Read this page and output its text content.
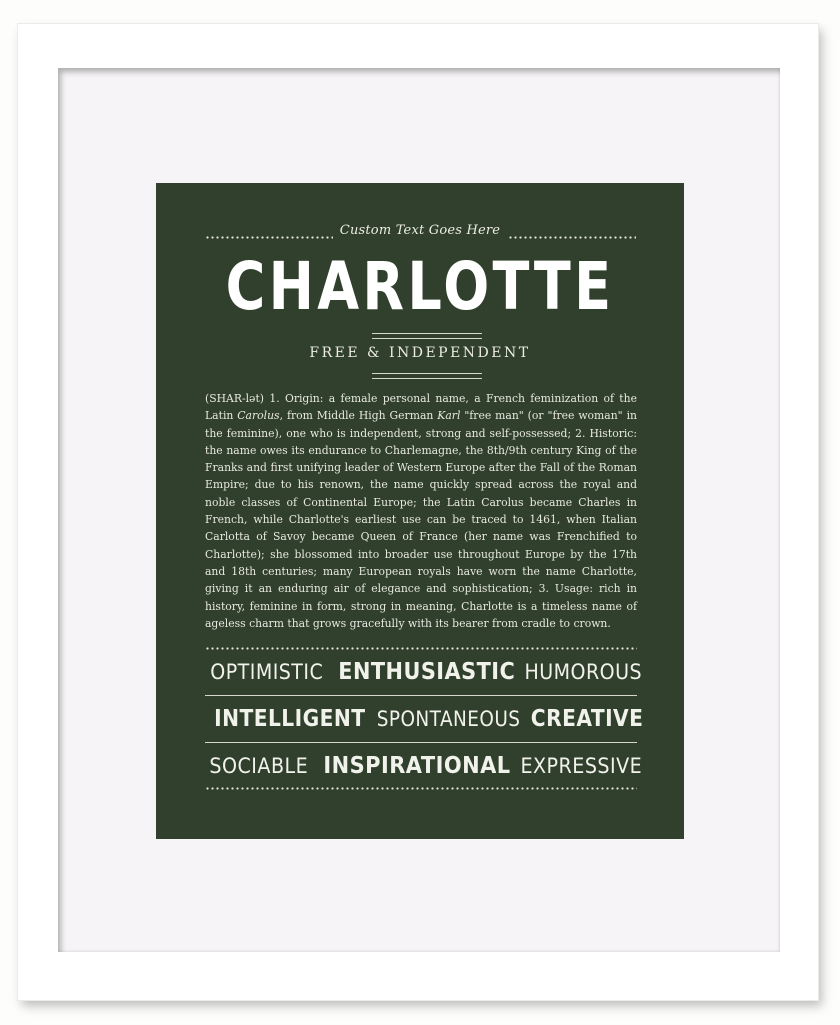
Custom Text Goes Here
CHARLOTTE
FREE & INDEPENDENT
(SHAR-lət) 1. Origin: a female personal name, a French feminization of the Latin Carolus, from Middle High German Karl "free man" (or "free woman" in the feminine), one who is independent, strong and self-possessed; 2. Historic: the name owes its endurance to Charlemagne, the 8th/9th century King of the Franks and first unifying leader of Western Europe after the Fall of the Roman Empire; due to his renown, the name quickly spread across the royal and noble classes of Continental Europe; the Latin Carolus became Charles in French, while Charlotte's earliest use can be traced to 1461, when Italian Carlotta of Savoy became Queen of France (her name was Frenchified to Charlotte); she blossomed into broader use throughout Europe by the 17th and 18th centuries; many European royals have worn the name Charlotte, giving it an enduring air of elegance and sophistication; 3. Usage: rich in history, feminine in form, strong in meaning, Charlotte is a timeless name of ageless charm that grows gracefully with its bearer from cradle to crown.
OPTIMISTIC ENTHUSIASTIC HUMOROUS
INTELLIGENT SPONTANEOUS CREATIVE
SOCIABLE INSPIRATIONAL EXPRESSIVE
